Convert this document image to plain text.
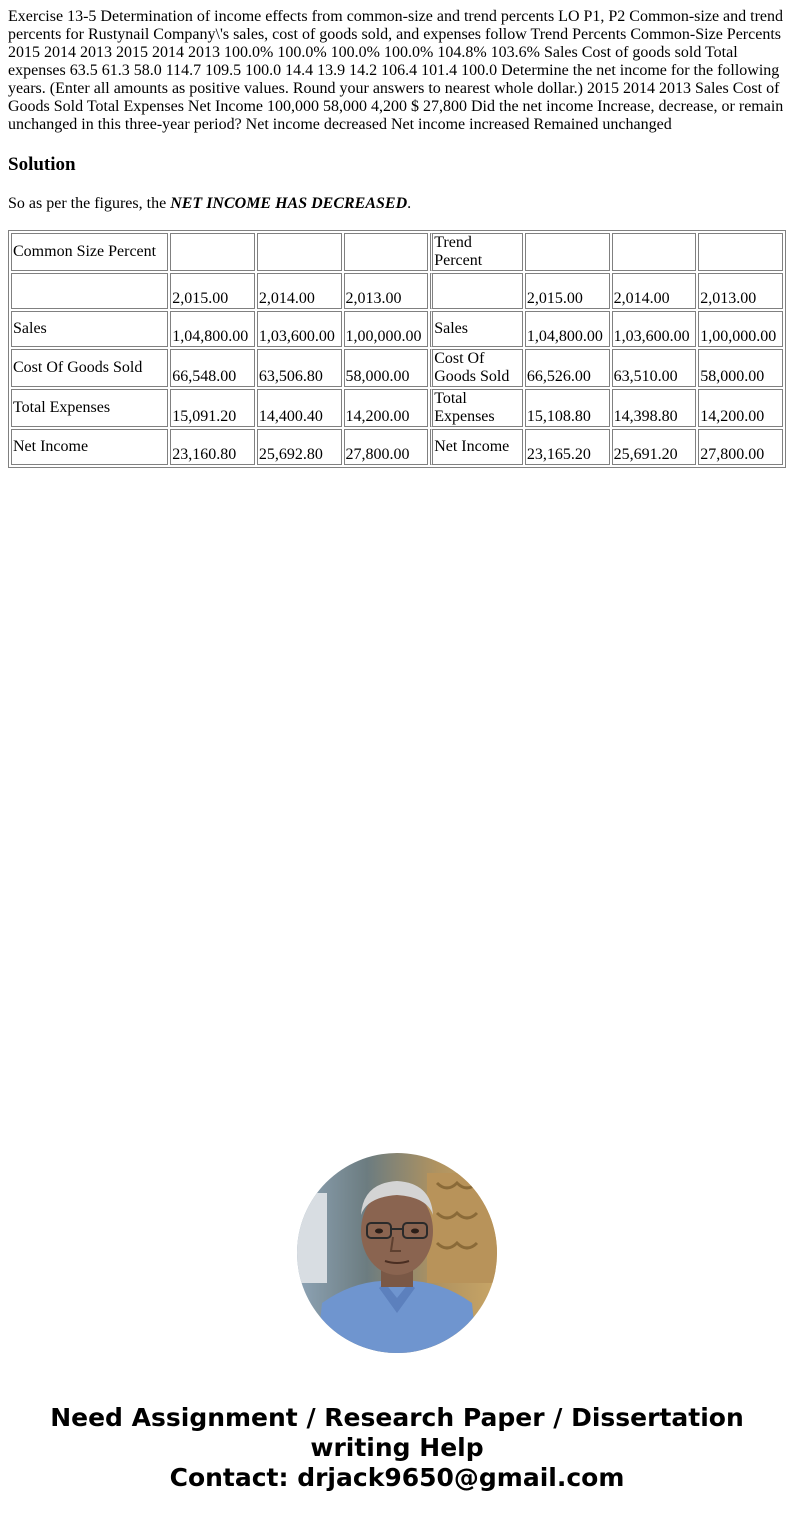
Exercise 13-5 Determination of income effects from common-size and trend percents LO P1, P2 Common-size and trend percents for Rustynail Company\'s sales, cost of goods sold, and expenses follow Trend Percents Common-Size Percents 2015 2014 2013 2015 2014 2013 100.0% 100.0% 100.0% 100.0% 104.8% 103.6% Sales Cost of goods sold Total expenses 63.5 61.3 58.0 114.7 109.5 100.0 14.4 13.9 14.2 106.4 101.4 100.0 Determine the net income for the following years. (Enter all amounts as positive values. Round your answers to nearest whole dollar.) 2015 2014 2013 Sales Cost of Goods Sold Total Expenses Net Income 100,000 58,000 4,200 $ 27,800 Did the net income Increase, decrease, or remain unchanged in this three-year period? Net income decreased Net income increased Remained unchanged

Solution

So as per the figures, the NET INCOME HAS DECREASED.

Common Size Percent				Trend Percent			
	2,015.00	2,014.00	2,013.00		2,015.00	2,014.00	2,013.00
Sales	1,04,800.00	1,03,600.00	1,00,000.00	Sales	1,04,800.00	1,03,600.00	1,00,000.00
Cost Of Goods Sold	66,548.00	63,506.80	58,000.00	Cost Of Goods Sold	66,526.00	63,510.00	58,000.00
Total Expenses	15,091.20	14,400.40	14,200.00	Total Expenses	15,108.80	14,398.80	14,200.00
Net Income	23,160.80	25,692.80	27,800.00	Net Income	23,165.20	25,691.20	27,800.00
Need Assignment / Research Paper / Dissertation
writing Help
Contact: drjack9650@gmail.com
